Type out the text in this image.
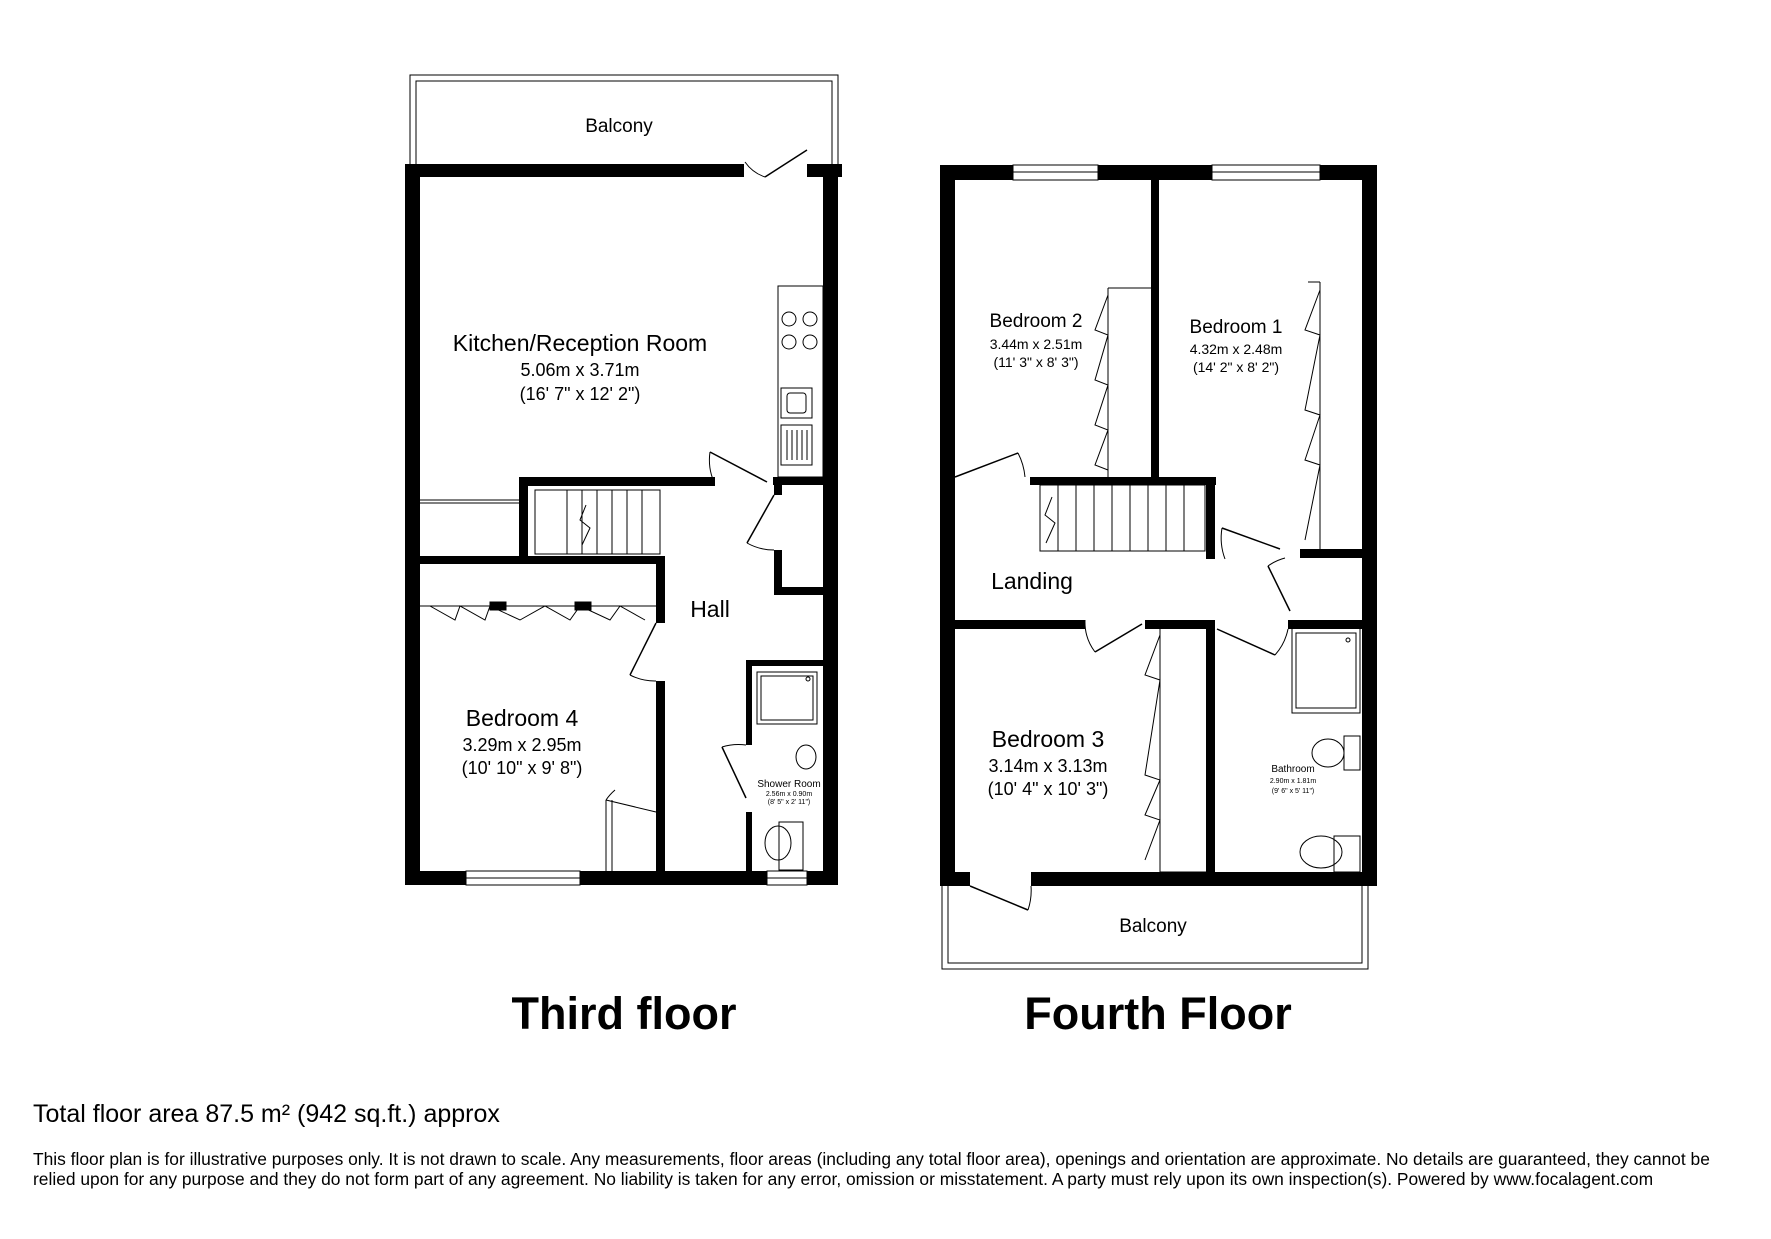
Balcony
Kitchen/Reception Room
5.06m x 3.71m
(16' 7" x 12' 2")
Hall
Bedroom 4
3.29m x 2.95m
(10' 10" x 9' 8")
Shower Room
2.56m x 0.90m
(8' 5" x 2' 11")
Third floor
Bedroom 2
3.44m x 2.51m
(11' 3" x 8' 3")
Bedroom 1
4.32m x 2.48m
(14' 2" x 8' 2")
Landing
Bedroom 3
3.14m x 3.13m
(10' 4" x 10' 3")
Bathroom
2.90m x 1.81m
(9' 6" x 5' 11")
Balcony
Fourth Floor
Total floor area 87.5 m² (942 sq.ft.) approx
This floor plan is for illustrative purposes only. It is not drawn to scale. Any measurements, floor areas (including any total floor area), openings and orientation are approximate. No details are guaranteed, they cannot be relied upon for any purpose and they do not form part of any agreement. No liability is taken for any error, omission or misstatement. A party must rely upon its own inspection(s). Powered by www.focalagent.com
